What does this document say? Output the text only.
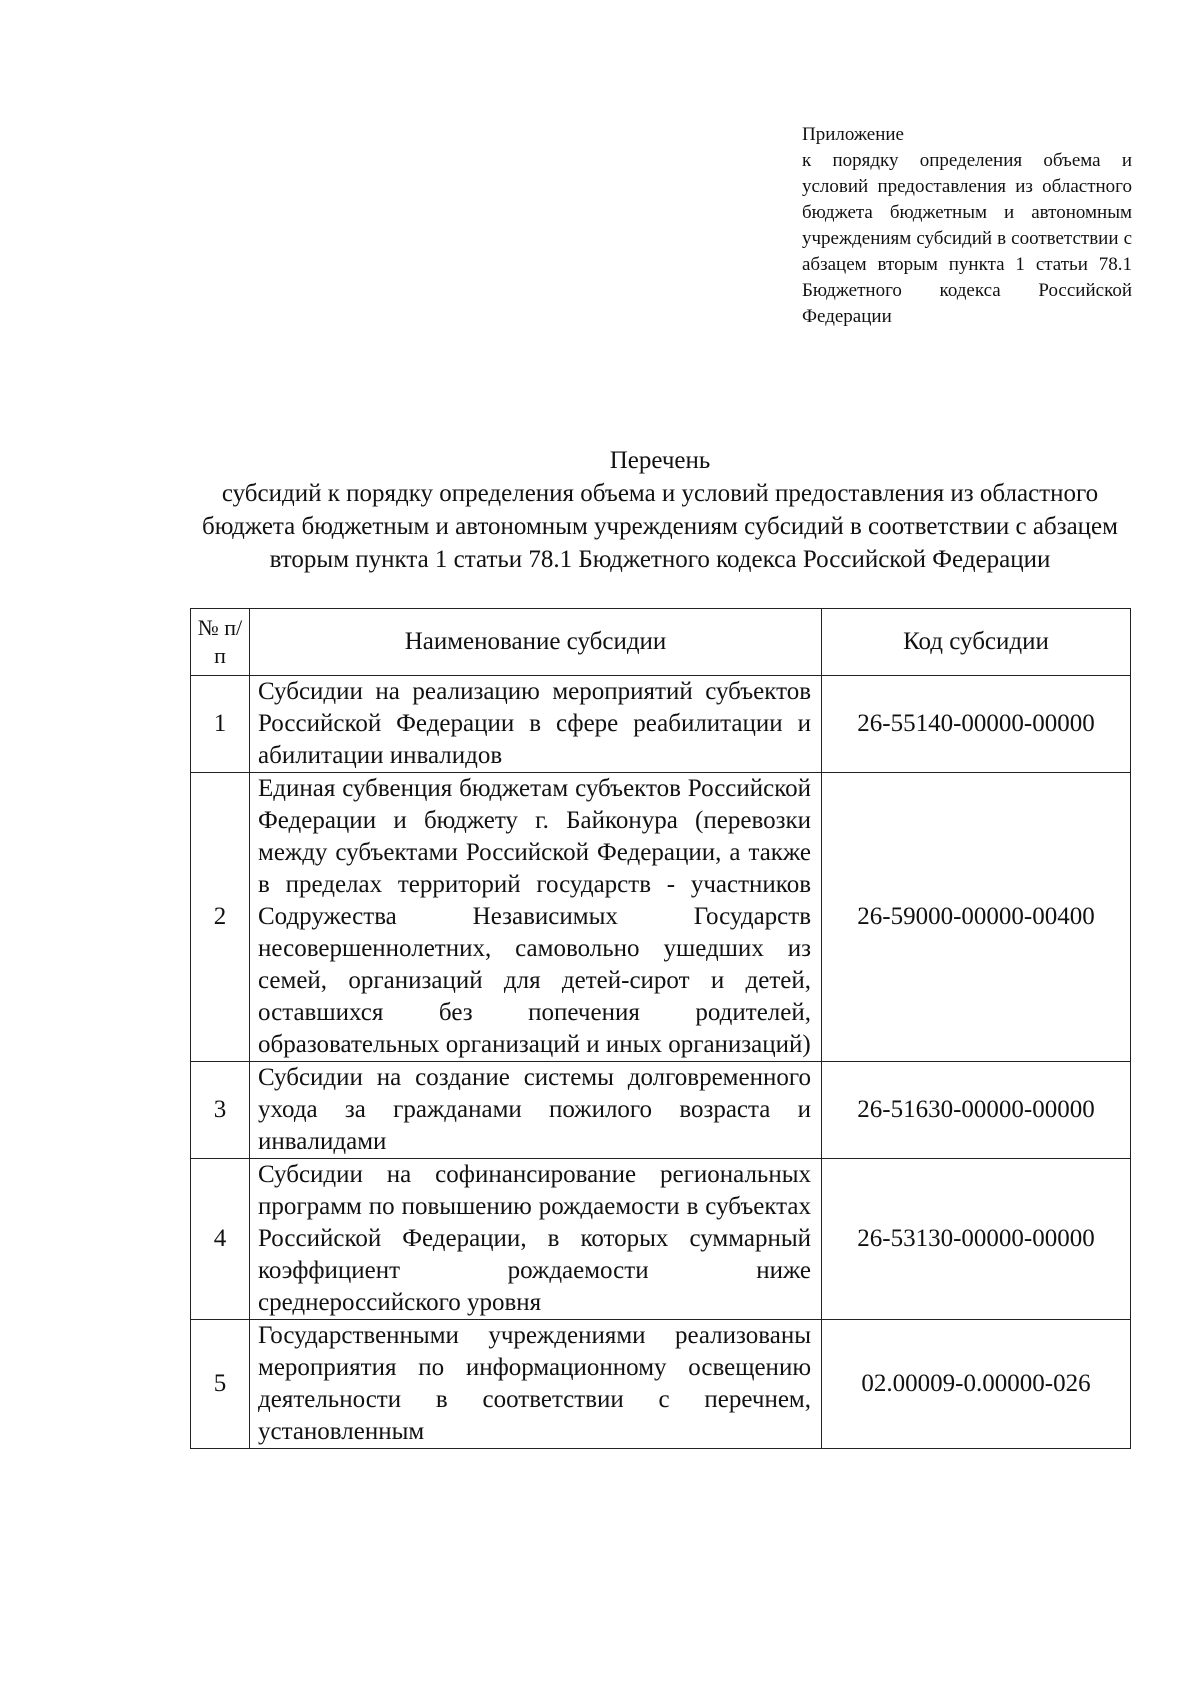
Приложение
к порядку определения объема и условий предоставления из областного бюджета бюджетным и автономным учреждениям субсидий в соответствии с абзацем вторым пункта 1 статьи 78.1 Бюджетного кодекса Российской Федерации
Перечень
субсидий к порядку определения объема и условий предоставления из областного бюджета бюджетным и автономным учреждениям субсидий в соответствии с абзацем вторым пункта 1 статьи 78.1 Бюджетного кодекса Российской Федерации
№ п/п	Наименование субсидии	Код субсидии
1	Субсидии на реализацию мероприятий субъектов Российской Федерации в сфере реабилитации и абилитации инвалидов	26-55140-00000-00000
2	Единая субвенция бюджетам субъектов Российской Федерации и бюджету г. Байконура (перевозки между субъектами Российской Федерации, а также в пределах территорий государств - участников Содружества Независимых Государств несовершеннолетних, самовольно ушедших из семей, организаций для детей-сирот и детей, оставшихся без попечения родителей, образовательных организаций и иных организаций)	26-59000-00000-00400
3	Субсидии на создание системы долговременного ухода за гражданами пожилого возраста и инвалидами	26-51630-00000-00000
4	Субсидии на софинансирование региональных программ по повышению рождаемости в субъектах Российской Федерации, в которых суммарный коэффициент рождаемости ниже среднероссийского уровня	26-53130-00000-00000
5	Государственными учреждениями реализованы мероприятия по информационному освещению деятельности в соответствии с перечнем, установленным	02.00009-0.00000-026
